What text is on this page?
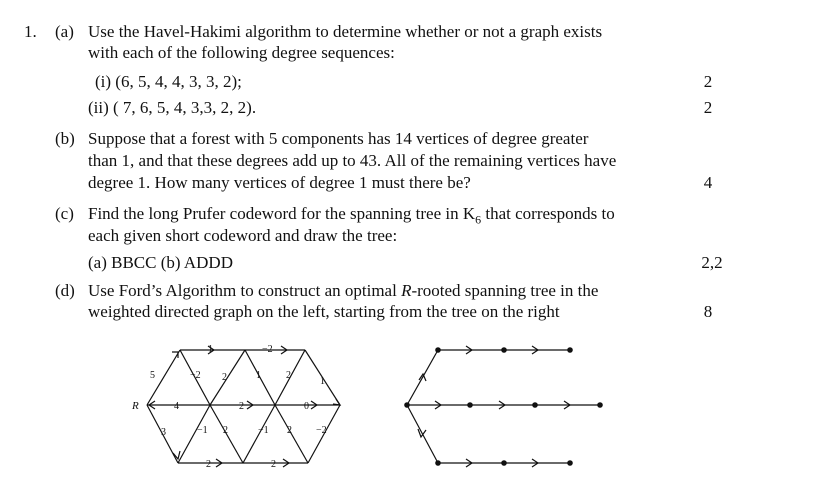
1. (a) Use the Havel-Hakimi algorithm to determine whether or not a graph exists
with each of the following degree sequences:
(i) (6, 5, 4, 4, 3, 3, 2);	2
(ii) ( 7, 6, 5, 4, 3,3, 2, 2).	2
(b) Suppose that a forest with 5 components has 14 vertices of degree greater
than 1, and that these degrees add up to 43. All of the remaining vertices have
degree 1. How many vertices of degree 1 must there be?	4
(c) Find the long Prufer codeword for the spanning tree in $K_6$ that corresponds to
each given short codeword and draw the tree:
(a) BBCC (b) ADDD	2,2
(d) Use Ford’s Algorithm to construct an optimal R-rooted spanning tree in the
weighted directed graph on the left, starting from the tree on the right	8
R
1	−2
4	2	0
2	2
5	−2 2	1	2
1
3	−1 2	−1 2 −2
